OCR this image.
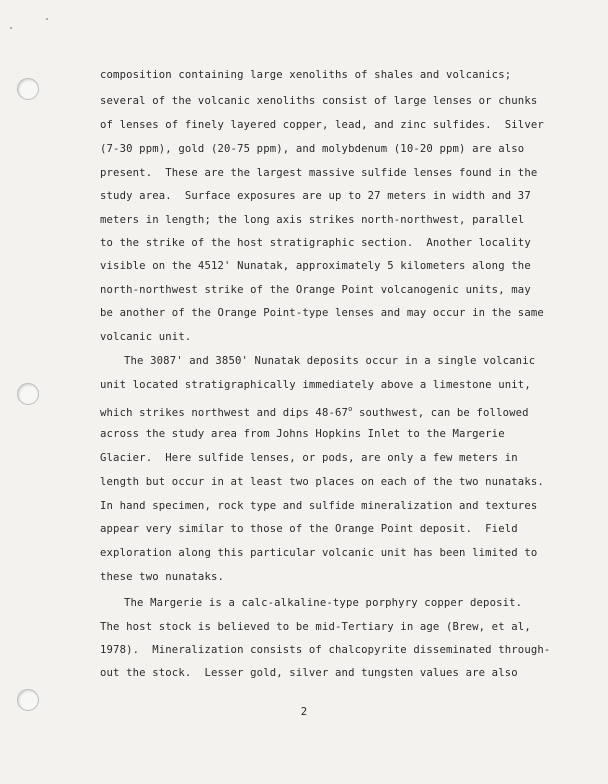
composition containing large xenoliths of shales and volcanics;
several of the volcanic xenoliths consist of large lenses or chunks
of lenses of finely layered copper, lead, and zinc sulfides.  Silver
(7-30 ppm), gold (20-75 ppm), and molybdenum (10-20 ppm) are also
present.  These are the largest massive sulfide lenses found in the
study area.  Surface exposures are up to 27 meters in width and 37
meters in length; the long axis strikes north-northwest, parallel
to the strike of the host stratigraphic section.  Another locality
visible on the 4512' Nunatak, approximately 5 kilometers along the
north-northwest strike of the Orange Point volcanogenic units, may
be another of the Orange Point-type lenses and may occur in the same
volcanic unit.
The 3087' and 3850' Nunatak deposits occur in a single volcanic
unit located stratigraphically immediately above a limestone unit,
which strikes northwest and dips 48-67$^o$ southwest, can be followed
across the study area from Johns Hopkins Inlet to the Margerie
Glacier.  Here sulfide lenses, or pods, are only a few meters in
length but occur in at least two places on each of the two nunataks.
In hand specimen, rock type and sulfide mineralization and textures
appear very similar to those of the Orange Point deposit.  Field
exploration along this particular volcanic unit has been limited to
these two nunataks.
The Margerie is a calc-alkaline-type porphyry copper deposit.
The host stock is believed to be mid-Tertiary in age (Brew, et al,
1978).  Mineralization consists of chalcopyrite disseminated through-
out the stock.  Lesser gold, silver and tungsten values are also
2
